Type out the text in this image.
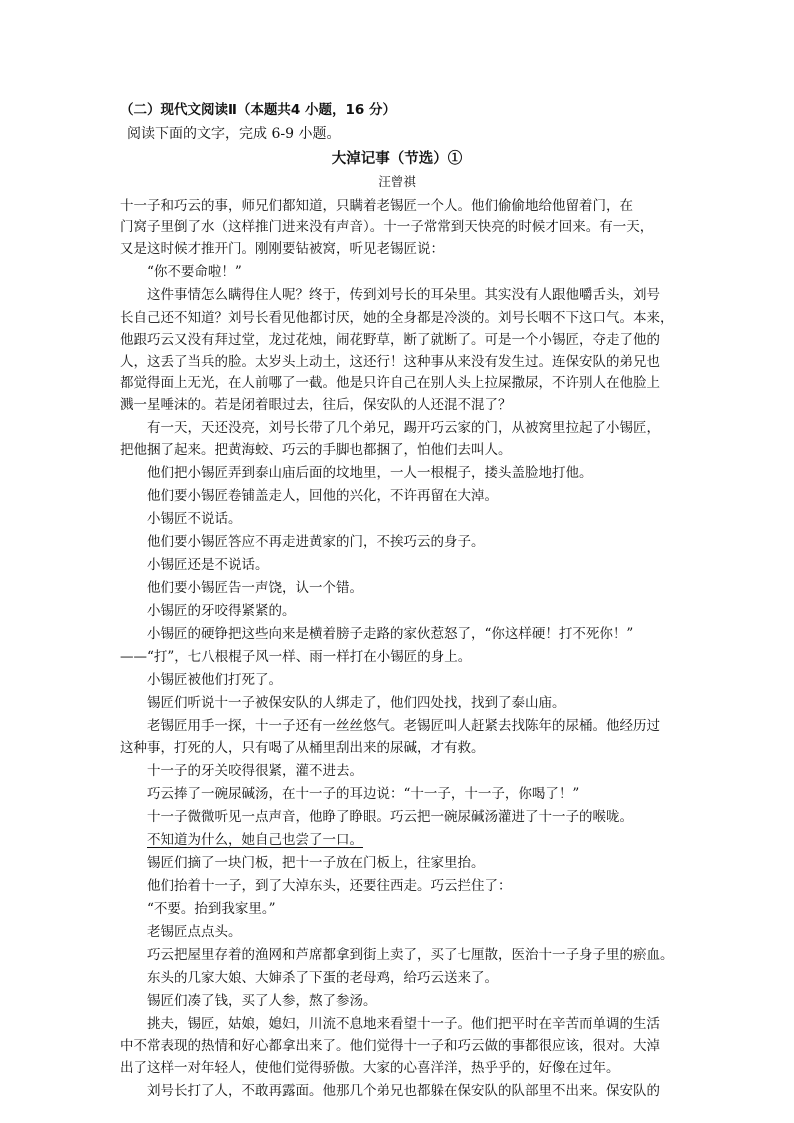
（二）现代文阅读Ⅱ（本题共4 小题，16 分）
阅读下面的文字，完成 6-9 小题。
大淖记事（节选）①
汪曾祺
十一子和巧云的事，师兄们都知道，只瞒着老锡匠一个人。他们偷偷地给他留着门，在
门窝子里倒了水（这样推门进来没有声音）。十一子常常到天快亮的时候才回来。有一天，
又是这时候才推开门。刚刚要钻被窝，听见老锡匠说：
“你不要命啦！”
这件事情怎么瞒得住人呢？终于，传到刘号长的耳朵里。其实没有人跟他嚼舌头，刘号
长自己还不知道？刘号长看见他都讨厌，她的全身都是冷淡的。刘号长咽不下这口气。本来，
他跟巧云又没有拜过堂，龙过花烛，闹花野草，断了就断了。可是一个小锡匠，夺走了他的
人，这丢了当兵的脸。太岁头上动土，这还行！这种事从来没有发生过。连保安队的弟兄也
都觉得面上无光，在人前哪了一截。他是只许自己在别人头上拉屎撒尿，不许别人在他脸上
溅一星唾沫的。若是闭着眼过去，往后，保安队的人还混不混了？
有一天，天还没亮，刘号长带了几个弟兄，踢开巧云家的门，从被窝里拉起了小锡匠，
把他捆了起来。把黄海蛟、巧云的手脚也都捆了，怕他们去叫人。
他们把小锡匠弄到泰山庙后面的坟地里，一人一根棍子，搂头盖脸地打他。
他们要小锡匠卷铺盖走人，回他的兴化，不许再留在大淖。
小锡匠不说话。
他们要小锡匠答应不再走进黄家的门，不挨巧云的身子。
小锡匠还是不说话。
他们要小锡匠告一声饶，认一个错。
小锡匠的牙咬得紧紧的。
小锡匠的硬铮把这些向来是横着膀子走路的家伙惹怒了，“你这样硬！打不死你！”
——“打”，七八根棍子风一样、雨一样打在小锡匠的身上。
小锡匠被他们打死了。
锡匠们听说十一子被保安队的人绑走了，他们四处找，找到了泰山庙。
老锡匠用手一探，十一子还有一丝丝悠气。老锡匠叫人赶紧去找陈年的尿桶。他经历过
这种事，打死的人，只有喝了从桶里刮出来的尿碱，才有救。
十一子的牙关咬得很紧，灌不进去。
巧云捧了一碗尿碱汤，在十一子的耳边说：“十一子，十一子，你喝了！”
十一子微微听见一点声音，他睁了睁眼。巧云把一碗尿碱汤灌进了十一子的喉咙。
不知道为什么，她自己也尝了一口。
锡匠们摘了一块门板，把十一子放在门板上，往家里抬。
他们抬着十一子，到了大淖东头，还要往西走。巧云拦住了：
“不要。抬到我家里。”
老锡匠点点头。
巧云把屋里存着的渔网和芦席都拿到街上卖了，买了七厘散，医治十一子身子里的瘀血。
东头的几家大娘、大婶杀了下蛋的老母鸡，给巧云送来了。
锡匠们凑了钱，买了人参，熬了参汤。
挑夫，锡匠，姑娘，媳妇，川流不息地来看望十一子。他们把平时在辛苦而单调的生活
中不常表现的热情和好心都拿出来了。他们觉得十一子和巧云做的事都很应该，很对。大淖
出了这样一对年轻人，使他们觉得骄傲。大家的心喜洋洋，热乎乎的，好像在过年。
刘号长打了人，不敢再露面。他那几个弟兄也都躲在保安队的队部里不出来。保安队的
